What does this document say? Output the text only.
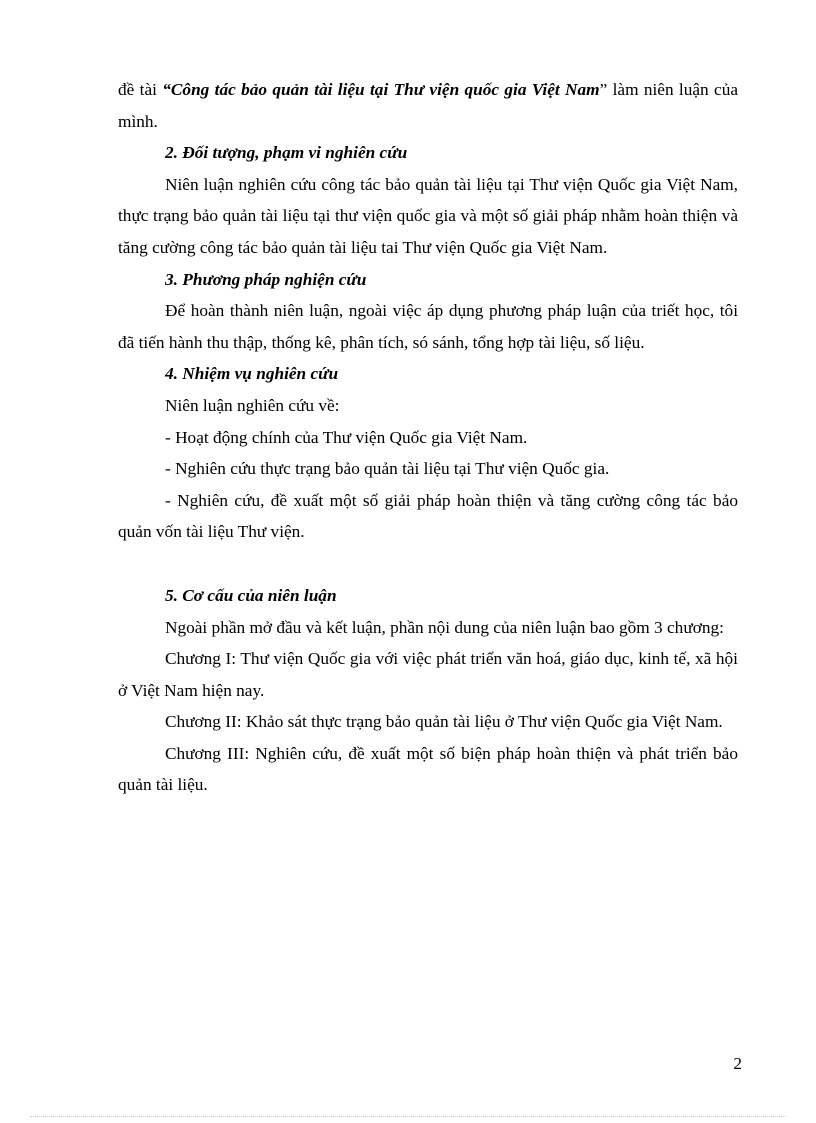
đề tài “Công tác bảo quản tài liệu tại Thư viện quốc gia Việt Nam” làm niên luận của mình.

2. Đối tượng, phạm vi nghiên cứu

Niên luận nghiên cứu công tác bảo quản tài liệu tại Thư viện Quốc gia Việt Nam, thực trạng bảo quản tài liệu tại thư viện quốc gia và một số giải pháp nhằm hoàn thiện và tăng cường công tác bảo quản tài liệu tai Thư viện Quốc gia Việt Nam.

3. Phương pháp nghiện cứu

Để hoàn thành niên luận, ngoài việc áp dụng phương pháp luận của triết học, tôi đã tiến hành thu thập, thống kê, phân tích, só sánh, tổng hợp tài liệu, số liệu.

4. Nhiệm vụ nghiên cứu

Niên luận nghiên cứu về:

- Hoạt động chính của Thư viện Quốc gia Việt Nam.

- Nghiên cứu thực trạng bảo quản tài liệu tại Thư viện Quốc gia.

- Nghiên cứu, đề xuất một số giải pháp hoàn thiện và tăng cường công tác bảo quản vốn tài liệu Thư viện.

5. Cơ cấu của niên luận

Ngoài phần mở đầu và kết luận, phần nội dung của niên luận bao gồm 3 chương:

Chương I: Thư viện Quốc gia với việc phát triển văn hoá, giáo dục, kinh tế, xã hội ở Việt Nam hiện nay.

Chương II: Khảo sát thực trạng bảo quản tài liệu ở Thư viện Quốc gia Việt Nam.

Chương III: Nghiên cứu, đề xuất một số biện pháp hoàn thiện và phát triển bảo quản tài liệu.

2
